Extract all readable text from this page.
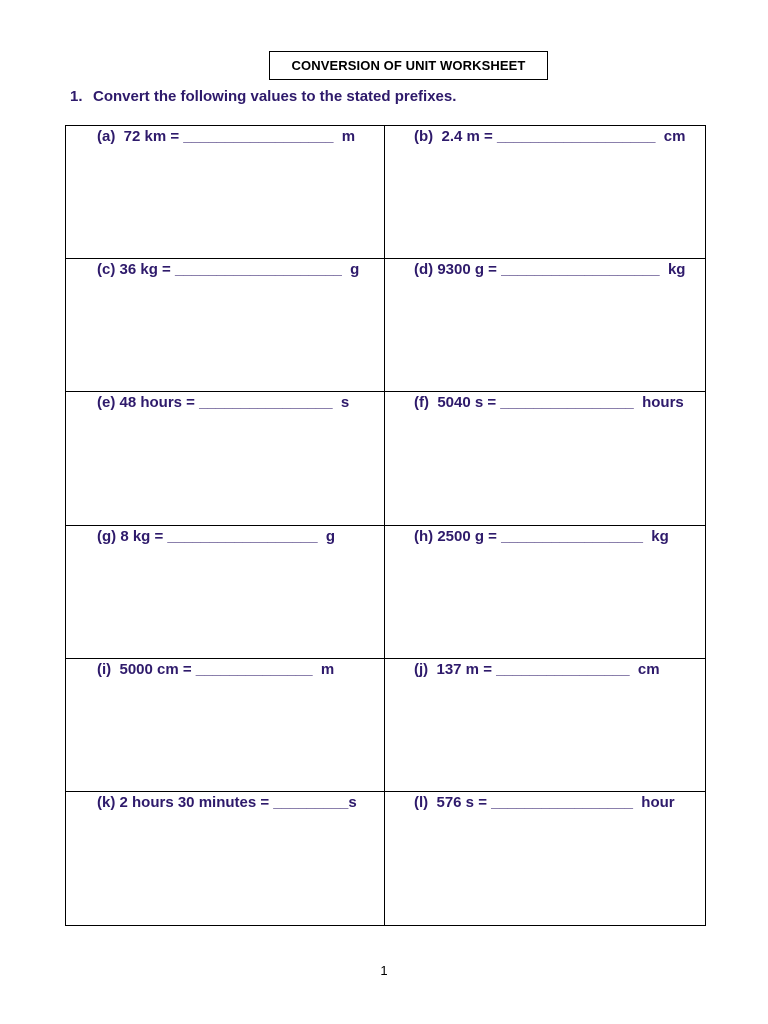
CONVERSION OF UNIT WORKSHEET
1. Convert the following values to the stated prefixes.
(a)  72 km = __________________  m	(b)  2.4 m = ___________________  cm
(c) 36 kg = ____________________  g	(d) 9300 g = ___________________  kg
(e) 48 hours = ________________  s	(f)  5040 s = ________________  hours
(g) 8 kg = __________________  g	(h) 2500 g = _________________  kg
(i)  5000 cm = ______________  m	(j)  137 m = ________________  cm
(k) 2 hours 30 minutes = _________s	(l)  576 s = _________________  hour
1
